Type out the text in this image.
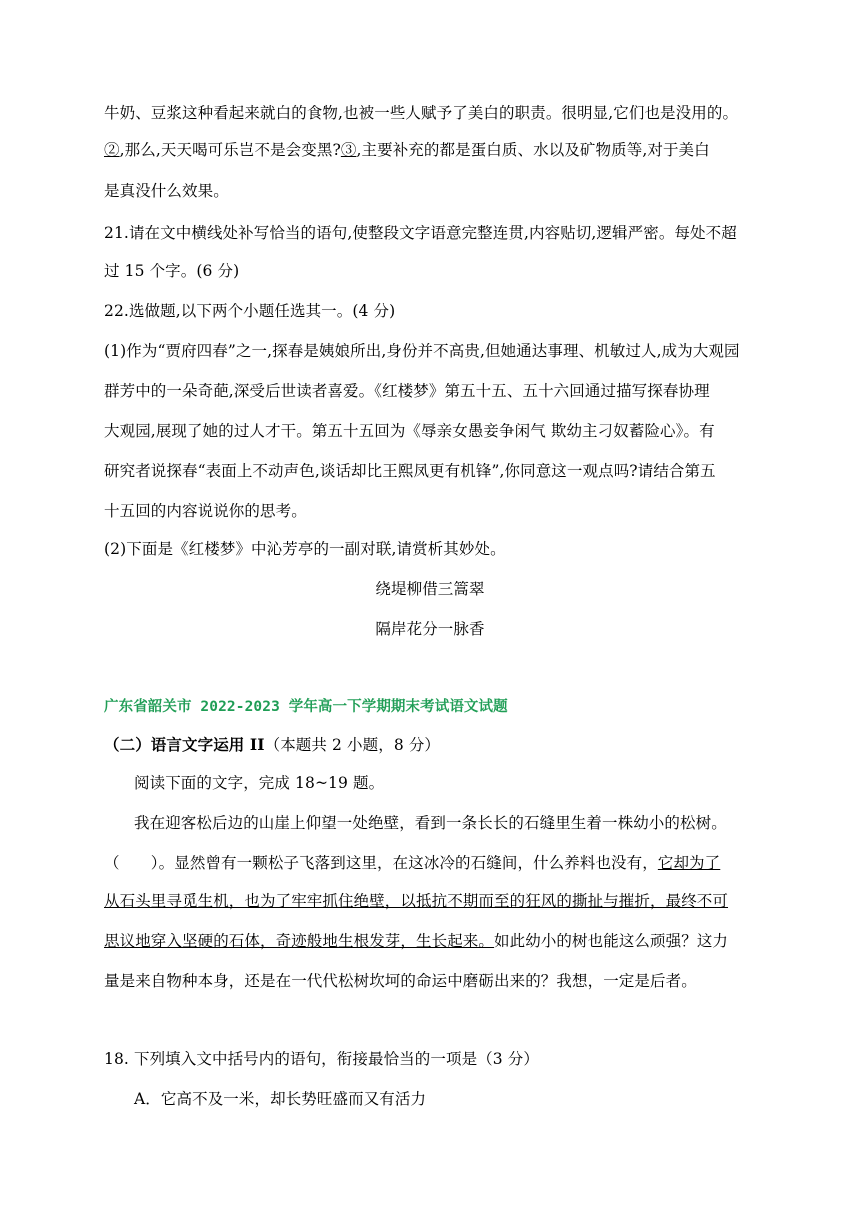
牛奶、豆浆这种看起来就白的食物,也被一些人赋予了美白的职责。很明显,它们也是没用的。
②,那么,天天喝可乐岂不是会变黑?③,主要补充的都是蛋白质、水以及矿物质等,对于美白
是真没什么效果。
21.请在文中横线处补写恰当的语句,使整段文字语意完整连贯,内容贴切,逻辑严密。每处不超
过 15 个字。(6 分)
22.选做题,以下两个小题任选其一。(4 分)
(1)作为“贾府四春”之一,探春是姨娘所出,身份并不高贵,但她通达事理、机敏过人,成为大观园
群芳中的一朵奇葩,深受后世读者喜爱。《红楼梦》第五十五、五十六回通过描写探春协理
大观园,展现了她的过人才干。第五十五回为《辱亲女愚妾争闲气 欺幼主刁奴蓄险心》。有
研究者说探春“表面上不动声色,谈话却比王熙凤更有机锋”,你同意这一观点吗?请结合第五
十五回的内容说说你的思考。
(2)下面是《红楼梦》中沁芳亭的一副对联,请赏析其妙处。
绕堤柳借三篙翠
隔岸花分一脉香
广东省韶关市 2022-2023 学年高一下学期期末考试语文试题
（二）语言文字运用 II（本题共 2 小题，8 分）
阅读下面的文字，完成 18~19 题。
我在迎客松后边的山崖上仰望一处绝壁，看到一条长长的石缝里生着一株幼小的松树。
（　　）。显然曾有一颗松子飞落到这里，在这冰冷的石缝间，什么养料也没有，它却为了
从石头里寻觅生机，也为了牢牢抓住绝壁，以抵抗不期而至的狂风的撕扯与摧折，最终不可
思议地穿入坚硬的石体，奇迹般地生根发芽，生长起来。如此幼小的树也能这么顽强？这力
量是来自物种本身，还是在一代代松树坎坷的命运中磨砺出来的？我想，一定是后者。
18. 下列填入文中括号内的语句，衔接最恰当的一项是（3 分）
A．它高不及一米，却长势旺盛而又有活力
